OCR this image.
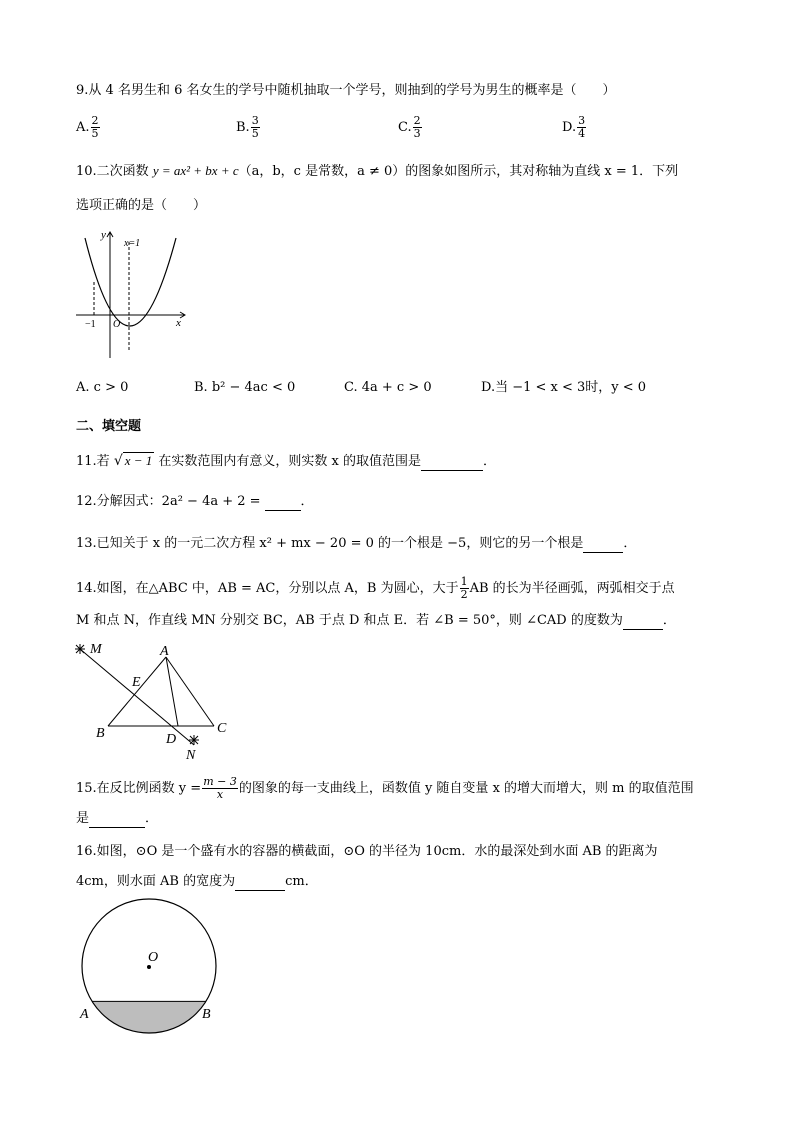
9.从 4 名男生和 6 名女生的学号中随机抽取一个学号，则抽到的学号为男生的概率是（　　）
A. $\frac{2}{5}$	B. $\frac{3}{5}$	C. $\frac{2}{3}$	D. $\frac{3}{4}$
10.二次函数 y = ax² + bx + c（a，b，c 是常数，a ≠ 0）的图象如图所示，其对称轴为直线 x = 1．下列
选项正确的是（　　）
y
x=1
−1 O	x
A. c > 0	B. b² − 4ac < 0	C. 4a + c > 0	D.当 −1 < x < 3时，y < 0
二、填空题
11.若 √ x − 1 在实数范围内有意义，则实数 x 的取值范围是	．
12.分解因式：2a² − 4a + 2 =	．
13.已知关于 x 的一元二次方程 x² + mx − 20 = 0 的一个根是 −5，则它的另一个根是	．
14.如图，在△ABC 中，AB = AC，分别以点 A，B 为圆心，大于 $\frac{1}{2}$ AB 的长为半径画弧，两弧相交于点
M 和点 N，作直线 MN 分别交 BC，AB 于点 D 和点 E．若 ∠B = 50°，则 ∠CAD 的度数为	．
M	A
E
B	D
C
N
15.在反比例函数 $y = \frac{m - 3}{x}$ 的图象的每一支曲线上，函数值 y 随自变量 x 的增大而增大，则 m 的取值范围
是	．
16.如图，⊙O 是一个盛有水的容器的横截面，⊙O 的半径为 10cm．水的最深处到水面 AB 的距离为
4cm，则水面 AB 的宽度为	cm．
O
A	B
